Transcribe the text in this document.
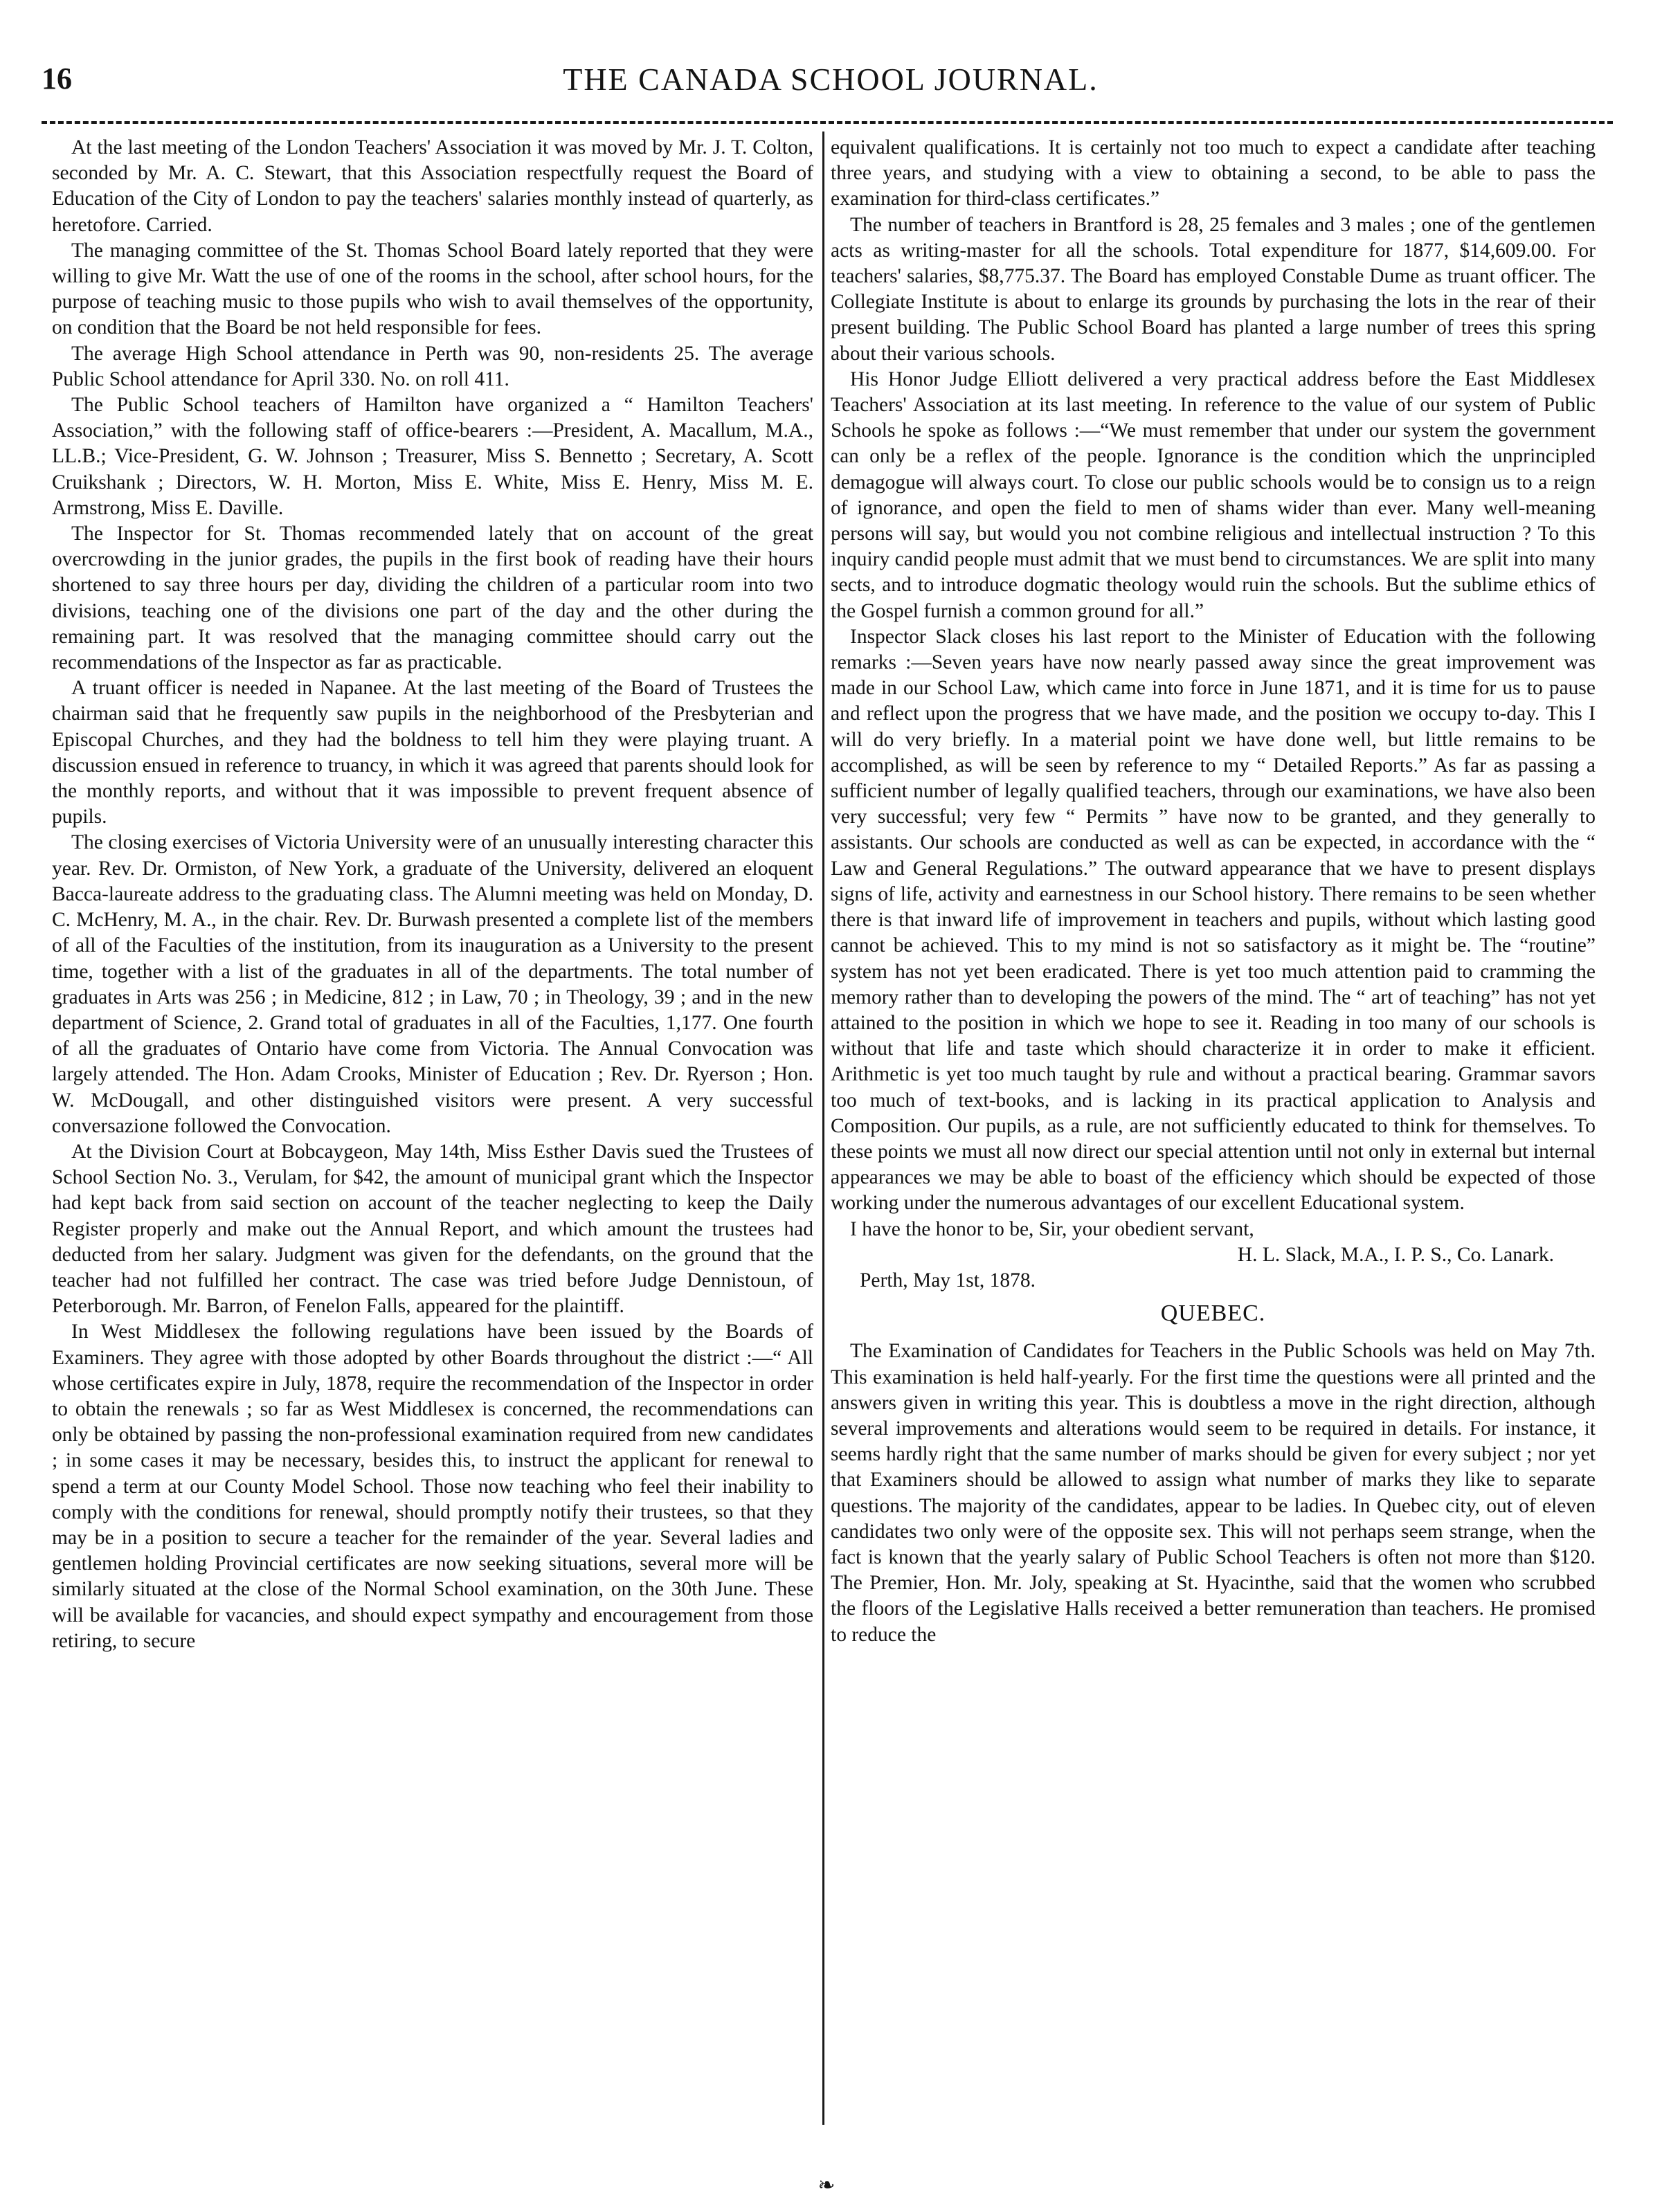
16	THE CANADA SCHOOL JOURNAL.

At the last meeting of the London Teachers' Association it was moved by Mr. J. T. Colton, seconded by Mr. A. C. Stewart, that this Association respectfully request the Board of Education of the City of London to pay the teachers' salaries monthly instead of quarterly, as heretofore. Carried.

The managing committee of the St. Thomas School Board lately reported that they were willing to give Mr. Watt the use of one of the rooms in the school, after school hours, for the purpose of teaching music to those pupils who wish to avail themselves of the opportunity, on condition that the Board be not held responsible for fees.

The average High School attendance in Perth was 90, non-residents 25. The average Public School attendance for April 330. No. on roll 411.

The Public School teachers of Hamilton have organized a “ Hamilton Teachers' Association,” with the following staff of office-bearers :—President, A. Macallum, M.A., LL.B.; Vice-President, G. W. Johnson ; Treasurer, Miss S. Bennetto ; Secretary, A. Scott Cruikshank ; Directors, W. H. Morton, Miss E. White, Miss E. Henry, Miss M. E. Armstrong, Miss E. Daville.

The Inspector for St. Thomas recommended lately that on account of the great overcrowding in the junior grades, the pupils in the first book of reading have their hours shortened to say three hours per day, dividing the children of a particular room into two divisions, teaching one of the divisions one part of the day and the other during the remaining part. It was resolved that the managing committee should carry out the recommendations of the Inspector as far as practicable.

A truant officer is needed in Napanee. At the last meeting of the Board of Trustees the chairman said that he frequently saw pupils in the neighborhood of the Presbyterian and Episcopal Churches, and they had the boldness to tell him they were playing truant. A discussion ensued in reference to truancy, in which it was agreed that parents should look for the monthly reports, and without that it was impossible to prevent frequent absence of pupils.

The closing exercises of Victoria University were of an unusually interesting character this year. Rev. Dr. Ormiston, of New York, a graduate of the University, delivered an eloquent Bacca-laureate address to the graduating class. The Alumni meeting was held on Monday, D. C. McHenry, M. A., in the chair. Rev. Dr. Burwash presented a complete list of the members of all of the Faculties of the institution, from its inauguration as a University to the present time, together with a list of the graduates in all of the departments. The total number of graduates in Arts was 256 ; in Medicine, 812 ; in Law, 70 ; in Theology, 39 ; and in the new department of Science, 2. Grand total of graduates in all of the Faculties, 1,177. One fourth of all the graduates of Ontario have come from Victoria. The Annual Convocation was largely attended. The Hon. Adam Crooks, Minister of Education ; Rev. Dr. Ryerson ; Hon. W. McDougall, and other distinguished visitors were present. A very successful conversazione followed the Convocation.

At the Division Court at Bobcaygeon, May 14th, Miss Esther Davis sued the Trustees of School Section No. 3., Verulam, for $42, the amount of municipal grant which the Inspector had kept back from said section on account of the teacher neglecting to keep the Daily Register properly and make out the Annual Report, and which amount the trustees had deducted from her salary. Judgment was given for the defendants, on the ground that the teacher had not fulfilled her contract. The case was tried before Judge Dennistoun, of Peterborough. Mr. Barron, of Fenelon Falls, appeared for the plaintiff.

In West Middlesex the following regulations have been issued by the Boards of Examiners. They agree with those adopted by other Boards throughout the district :—“ All whose certificates expire in July, 1878, require the recommendation of the Inspector in order to obtain the renewals ; so far as West Middlesex is concerned, the recommendations can only be obtained by passing the non-professional examination required from new candidates ; in some cases it may be necessary, besides this, to instruct the applicant for renewal to spend a term at our County Model School. Those now teaching who feel their inability to comply with the conditions for renewal, should promptly notify their trustees, so that they may be in a position to secure a teacher for the remainder of the year. Several ladies and gentlemen holding Provincial certificates are now seeking situations, several more will be similarly situated at the close of the Normal School examination, on the 30th June. These will be available for vacancies, and should expect sympathy and encouragement from those retiring, to secure

equivalent qualifications. It is certainly not too much to expect a candidate after teaching three years, and studying with a view to obtaining a second, to be able to pass the examination for third-class certificates.”

The number of teachers in Brantford is 28, 25 females and 3 males ; one of the gentlemen acts as writing-master for all the schools. Total expenditure for 1877, $14,609.00. For teachers' salaries, $8,775.37. The Board has employed Constable Dume as truant officer. The Collegiate Institute is about to enlarge its grounds by purchasing the lots in the rear of their present building. The Public School Board has planted a large number of trees this spring about their various schools.

His Honor Judge Elliott delivered a very practical address before the East Middlesex Teachers' Association at its last meeting. In reference to the value of our system of Public Schools he spoke as follows :—“We must remember that under our system the government can only be a reflex of the people. Ignorance is the condition which the unprincipled demagogue will always court. To close our public schools would be to consign us to a reign of ignorance, and open the field to men of shams wider than ever. Many well-meaning persons will say, but would you not combine religious and intellectual instruction ? To this inquiry candid people must admit that we must bend to circumstances. We are split into many sects, and to introduce dogmatic theology would ruin the schools. But the sublime ethics of the Gospel furnish a common ground for all.”

Inspector Slack closes his last report to the Minister of Education with the following remarks :—Seven years have now nearly passed away since the great improvement was made in our School Law, which came into force in June 1871, and it is time for us to pause and reflect upon the progress that we have made, and the position we occupy to-day. This I will do very briefly. In a material point we have done well, but little remains to be accomplished, as will be seen by reference to my “ Detailed Reports.” As far as passing a sufficient number of legally qualified teachers, through our examinations, we have also been very successful; very few “ Permits ” have now to be granted, and they generally to assistants. Our schools are conducted as well as can be expected, in accordance with the “ Law and General Regulations.” The outward appearance that we have to present displays signs of life, activity and earnestness in our School history. There remains to be seen whether there is that inward life of improvement in teachers and pupils, without which lasting good cannot be achieved. This to my mind is not so satisfactory as it might be. The “routine” system has not yet been eradicated. There is yet too much attention paid to cramming the memory rather than to developing the powers of the mind. The “ art of teaching” has not yet attained to the position in which we hope to see it. Reading in too many of our schools is without that life and taste which should characterize it in order to make it efficient. Arithmetic is yet too much taught by rule and without a practical bearing. Grammar savors too much of text-books, and is lacking in its practical application to Analysis and Composition. Our pupils, as a rule, are not sufficiently educated to think for themselves. To these points we must all now direct our special attention until not only in external but internal appearances we may be able to boast of the efficiency which should be expected of those working under the numerous advantages of our excellent Educational system.

I have the honor to be, Sir, your obedient servant,

H. L. Slack, M.A., I. P. S., Co. Lanark.

Perth, May 1st, 1878.

QUEBEC.

The Examination of Candidates for Teachers in the Public Schools was held on May 7th. This examination is held half-yearly. For the first time the questions were all printed and the answers given in writing this year. This is doubtless a move in the right direction, although several improvements and alterations would seem to be required in details. For instance, it seems hardly right that the same number of marks should be given for every subject ; nor yet that Examiners should be allowed to assign what number of marks they like to separate questions. The majority of the candidates, appear to be ladies. In Quebec city, out of eleven candidates two only were of the opposite sex. This will not perhaps seem strange, when the fact is known that the yearly salary of Public School Teachers is often not more than $120. The Premier, Hon. Mr. Joly, speaking at St. Hyacinthe, said that the women who scrubbed the floors of the Legislative Halls received a better remuneration than teachers. He promised to reduce the

❧
